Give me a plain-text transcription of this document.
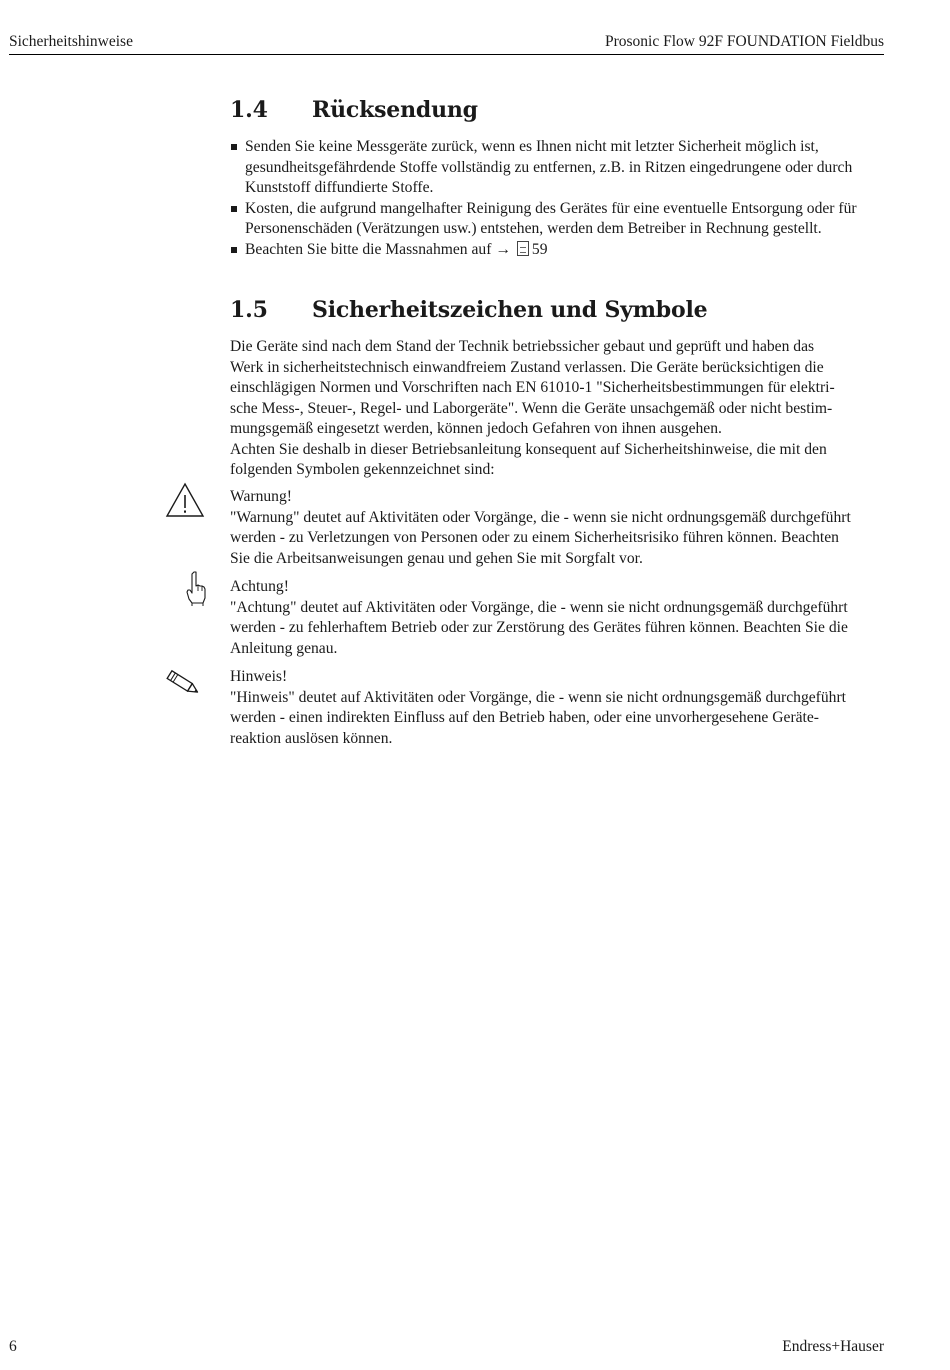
Sicherheitshinweise	Prosonic Flow 92F FOUNDATION Fieldbus
1.4 Rücksendung
Senden Sie keine Messgeräte zurück, wenn es Ihnen nicht mit letzter Sicherheit möglich ist, gesundheitsgefährdende Stoffe vollständig zu entfernen, z.B. in Ritzen eingedrungene oder durch Kunststoff diffundierte Stoffe.
Kosten, die aufgrund mangelhafter Reinigung des Gerätes für eine eventuelle Entsorgung oder für Personenschäden (Verätzungen usw.) entstehen, werden dem Betreiber in Rechnung gestellt.
Beachten Sie bitte die Massnahmen auf → 59
1.5 Sicherheitszeichen und Symbole
Die Geräte sind nach dem Stand der Technik betriebssicher gebaut und geprüft und haben das
Werk in sicherheitstechnisch einwandfreiem Zustand verlassen. Die Geräte berücksichtigen die
einschlägigen Normen und Vorschriften nach EN 61010-1 "Sicherheitsbestimmungen für elektri-
sche Mess-, Steuer-, Regel- und Laborgeräte". Wenn die Geräte unsachgemäß oder nicht bestim-
mungsgemäß eingesetzt werden, können jedoch Gefahren von ihnen ausgehen.
Achten Sie deshalb in dieser Betriebsanleitung konsequent auf Sicherheitshinweise, die mit den
folgenden Symbolen gekennzeichnet sind:
Warnung!
"Warnung" deutet auf Aktivitäten oder Vorgänge, die - wenn sie nicht ordnungsgemäß durchgeführt
werden - zu Verletzungen von Personen oder zu einem Sicherheitsrisiko führen können. Beachten
Sie die Arbeitsanweisungen genau und gehen Sie mit Sorgfalt vor.
Achtung!
"Achtung" deutet auf Aktivitäten oder Vorgänge, die - wenn sie nicht ordnungsgemäß durchgeführt
werden - zu fehlerhaftem Betrieb oder zur Zerstörung des Gerätes führen können. Beachten Sie die
Anleitung genau.
Hinweis!
"Hinweis" deutet auf Aktivitäten oder Vorgänge, die - wenn sie nicht ordnungsgemäß durchgeführt
werden - einen indirekten Einfluss auf den Betrieb haben, oder eine unvorhergesehene Geräte-
reaktion auslösen können.
6	Endress+Hauser
